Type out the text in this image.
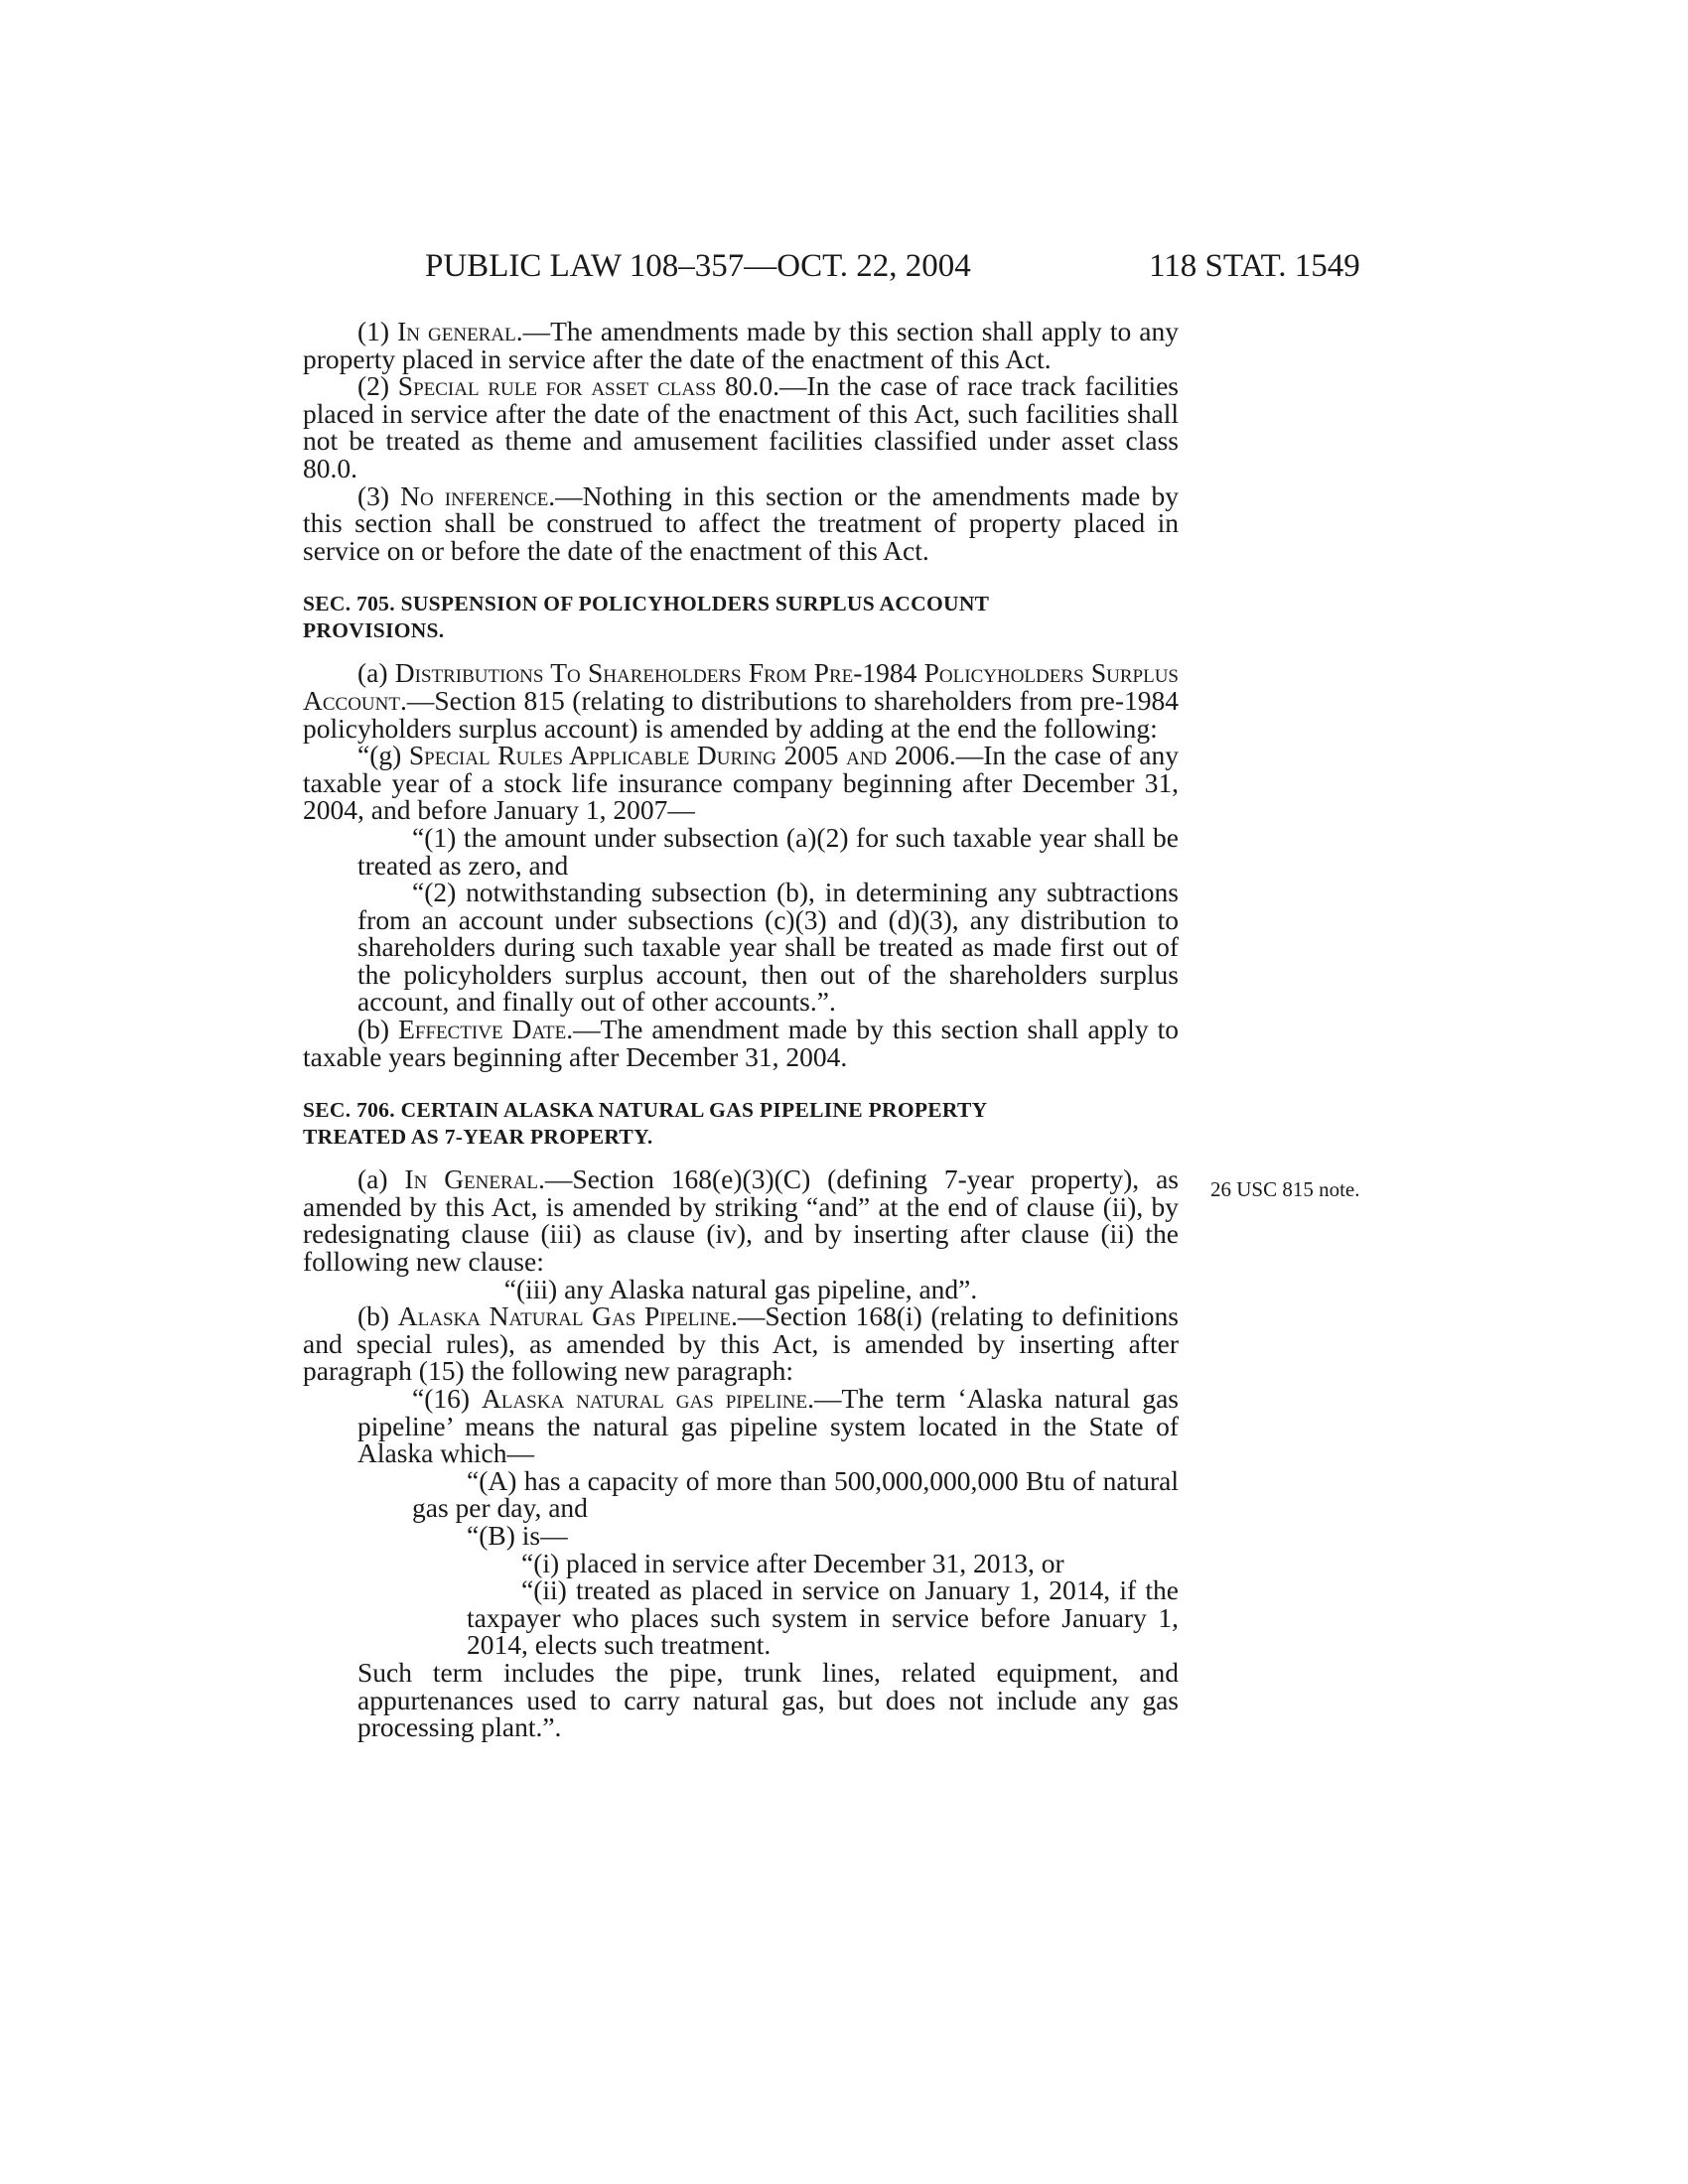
PUBLIC LAW 108–357—OCT. 22, 2004	118 STAT. 1549

(1) In general.—The amendments made by this section shall apply to any property placed in service after the date of the enactment of this Act.

(2) Special rule for asset class 80.0.—In the case of race track facilities placed in service after the date of the enactment of this Act, such facilities shall not be treated as theme and amusement facilities classified under asset class 80.0.

(3) No inference.—Nothing in this section or the amendments made by this section shall be construed to affect the treatment of property placed in service on or before the date of the enactment of this Act.

SEC. 705. SUSPENSION OF POLICYHOLDERS SURPLUS ACCOUNT
PROVISIONS.

(a) Distributions To Shareholders From Pre-1984 Policyholders Surplus Account.—Section 815 (relating to distributions to shareholders from pre-1984 policyholders surplus account) is amended by adding at the end the following:

“(g) Special Rules Applicable During 2005 and 2006.—In the case of any taxable year of a stock life insurance company beginning after December 31, 2004, and before January 1, 2007—

“(1) the amount under subsection (a)(2) for such taxable year shall be treated as zero, and

“(2) notwithstanding subsection (b), in determining any subtractions from an account under subsections (c)(3) and (d)(3), any distribution to shareholders during such taxable year shall be treated as made first out of the policyholders surplus account, then out of the shareholders surplus account, and finally out of other accounts.”.

(b) Effective Date.—The amendment made by this section shall apply to taxable years beginning after December 31, 2004.

SEC. 706. CERTAIN ALASKA NATURAL GAS PIPELINE PROPERTY
TREATED AS 7-YEAR PROPERTY.

(a) In General.—Section 168(e)(3)(C) (defining 7-year property), as amended by this Act, is amended by striking “and” at the end of clause (ii), by redesignating clause (iii) as clause (iv), and by inserting after clause (ii) the following new clause:

“(iii) any Alaska natural gas pipeline, and”.

(b) Alaska Natural Gas Pipeline.—Section 168(i) (relating to definitions and special rules), as amended by this Act, is amended by inserting after paragraph (15) the following new paragraph:

“(16) Alaska natural gas pipeline.—The term ‘Alaska natural gas pipeline’ means the natural gas pipeline system located in the State of Alaska which—

“(A) has a capacity of more than 500,000,000,000 Btu of natural gas per day, and

“(B) is—

“(i) placed in service after December 31, 2013, or

“(ii) treated as placed in service on January 1, 2014, if the taxpayer who places such system in service before January 1, 2014, elects such treatment.

Such term includes the pipe, trunk lines, related equipment, and appurtenances used to carry natural gas, but does not include any gas processing plant.”.

26 USC 815 note.
